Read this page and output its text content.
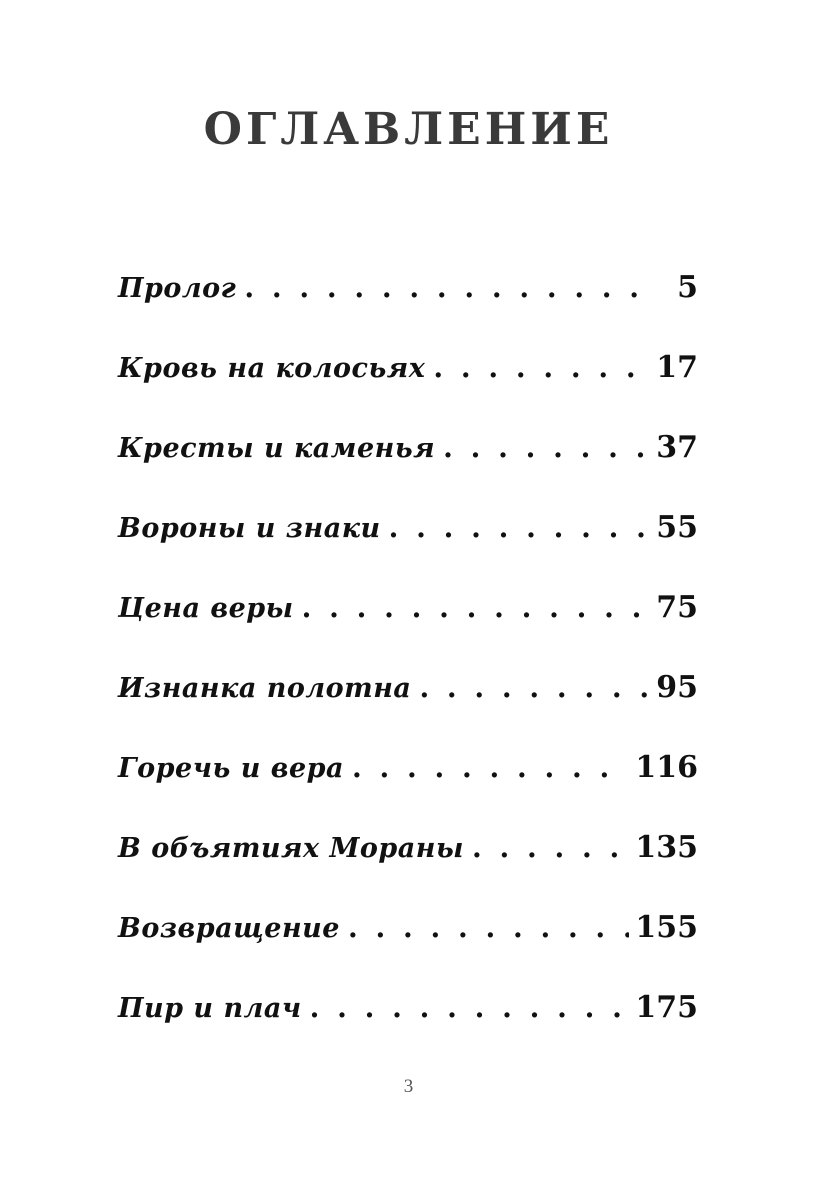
ОГЛАВЛЕНИЕ
Пролог . . .	5
Кровь на колосьях . . .	17
Кресты и каменья . . .	37
Вороны и знаки . . .	55
Цена веры . . .	75
Изнанка полотна . . .	95
Горечь и вера . . .	116
В объятиях Мораны . . .	135
Возвращение . . .	155
Пир и плач . . .	175
3
